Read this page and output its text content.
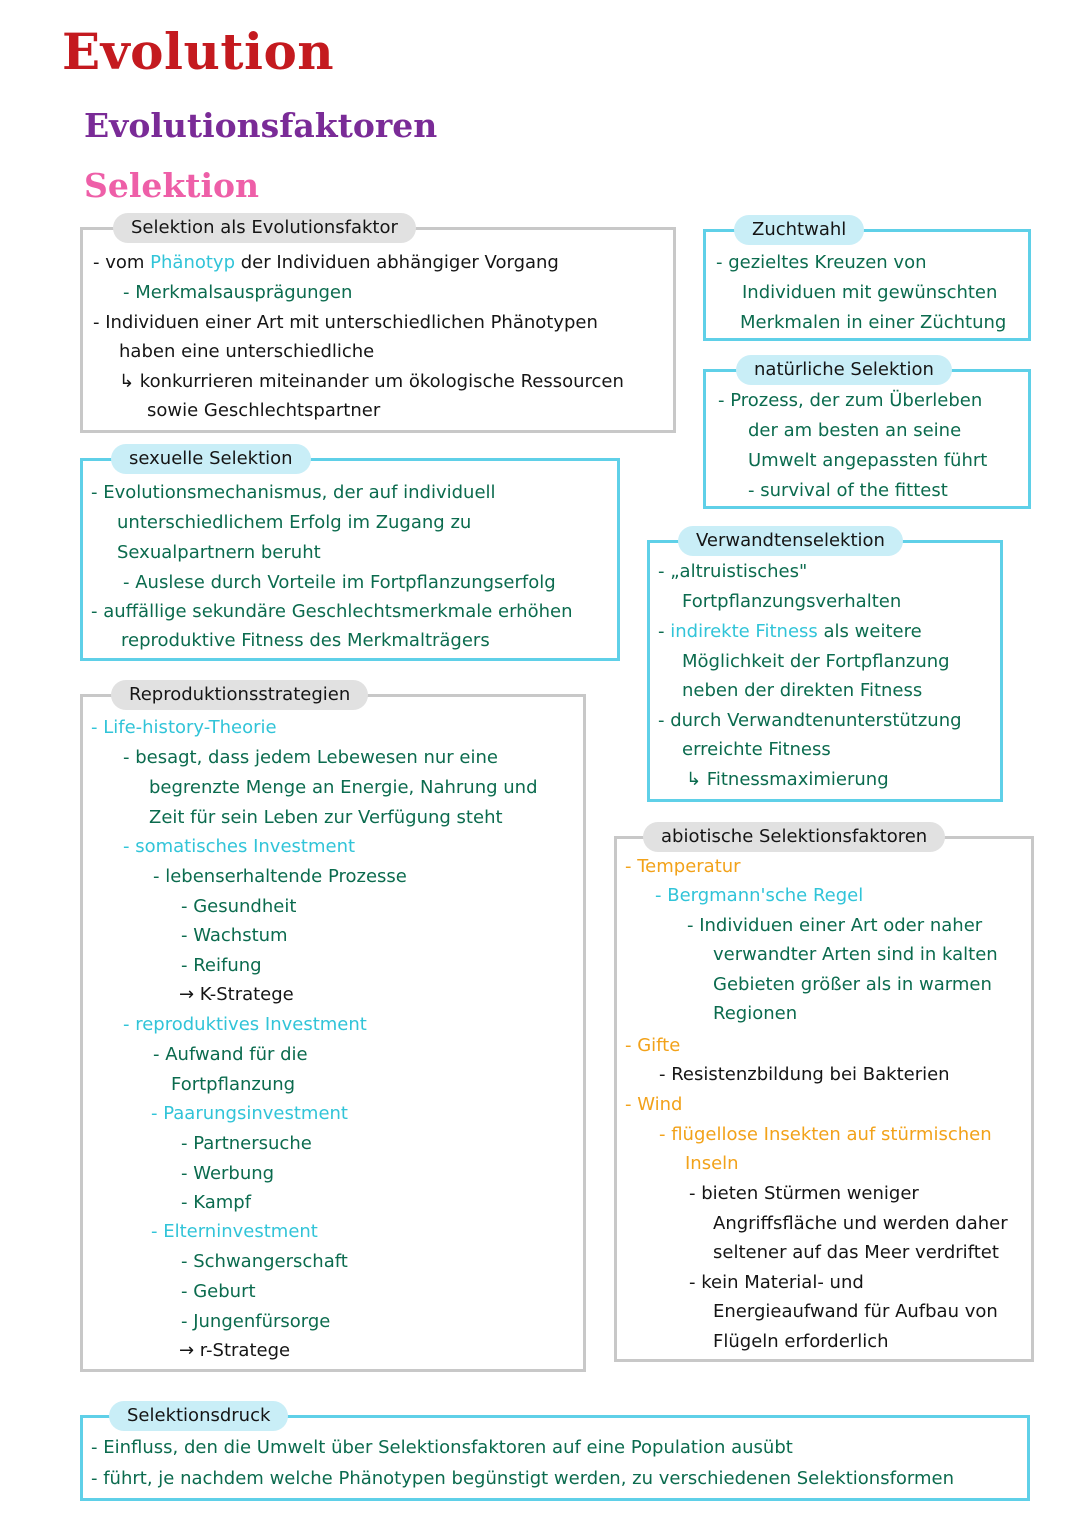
Evolution
Evolutionsfaktoren
Selektion
Selektion als Evolutionsfaktor
- vom Phänotyp der Individuen abhängiger Vorgang
- Merkmalsausprägungen
- Individuen einer Art mit unterschiedlichen Phänotypen
haben eine unterschiedliche
↳ konkurrieren miteinander um ökologische Ressourcen
sowie Geschlechtspartner
Zuchtwahl
- gezieltes Kreuzen von
Individuen mit gewünschten
Merkmalen in einer Züchtung
natürliche Selektion
- Prozess, der zum Überleben
der am besten an seine
Umwelt angepassten führt
- survival of the fittest
sexuelle Selektion
- Evolutionsmechanismus, der auf individuell
unterschiedlichem Erfolg im Zugang zu
Sexualpartnern beruht
- Auslese durch Vorteile im Fortpflanzungserfolg
- auffällige sekundäre Geschlechtsmerkmale erhöhen
reproduktive Fitness des Merkmalträgers
Verwandtenselektion
- „altruistisches"
Fortpflanzungsverhalten
- indirekte Fitness als weitere
Möglichkeit der Fortpflanzung
neben der direkten Fitness
- durch Verwandtenunterstützung
erreichte Fitness
↳ Fitnessmaximierung
Reproduktionsstrategien
- Life-history-Theorie
- besagt, dass jedem Lebewesen nur eine
begrenzte Menge an Energie, Nahrung und
Zeit für sein Leben zur Verfügung steht
- somatisches Investment
- lebenserhaltende Prozesse
- Gesundheit
- Wachstum
- Reifung
→ K-Stratege
- reproduktives Investment
- Aufwand für die
Fortpflanzung
- Paarungsinvestment
- Partnersuche
- Werbung
- Kampf
- Elterninvestment
- Schwangerschaft
- Geburt
- Jungenfürsorge
→ r-Stratege
abiotische Selektionsfaktoren
- Temperatur
- Bergmann'sche Regel
- Individuen einer Art oder naher
verwandter Arten sind in kalten
Gebieten größer als in warmen
Regionen
- Gifte
- Resistenzbildung bei Bakterien
- Wind
- flügellose Insekten auf stürmischen
Inseln
- bieten Stürmen weniger
Angriffsfläche und werden daher
seltener auf das Meer verdriftet
- kein Material- und
Energieaufwand für Aufbau von
Flügeln erforderlich
Selektionsdruck
- Einfluss, den die Umwelt über Selektionsfaktoren auf eine Population ausübt
- führt, je nachdem welche Phänotypen begünstigt werden, zu verschiedenen Selektionsformen
